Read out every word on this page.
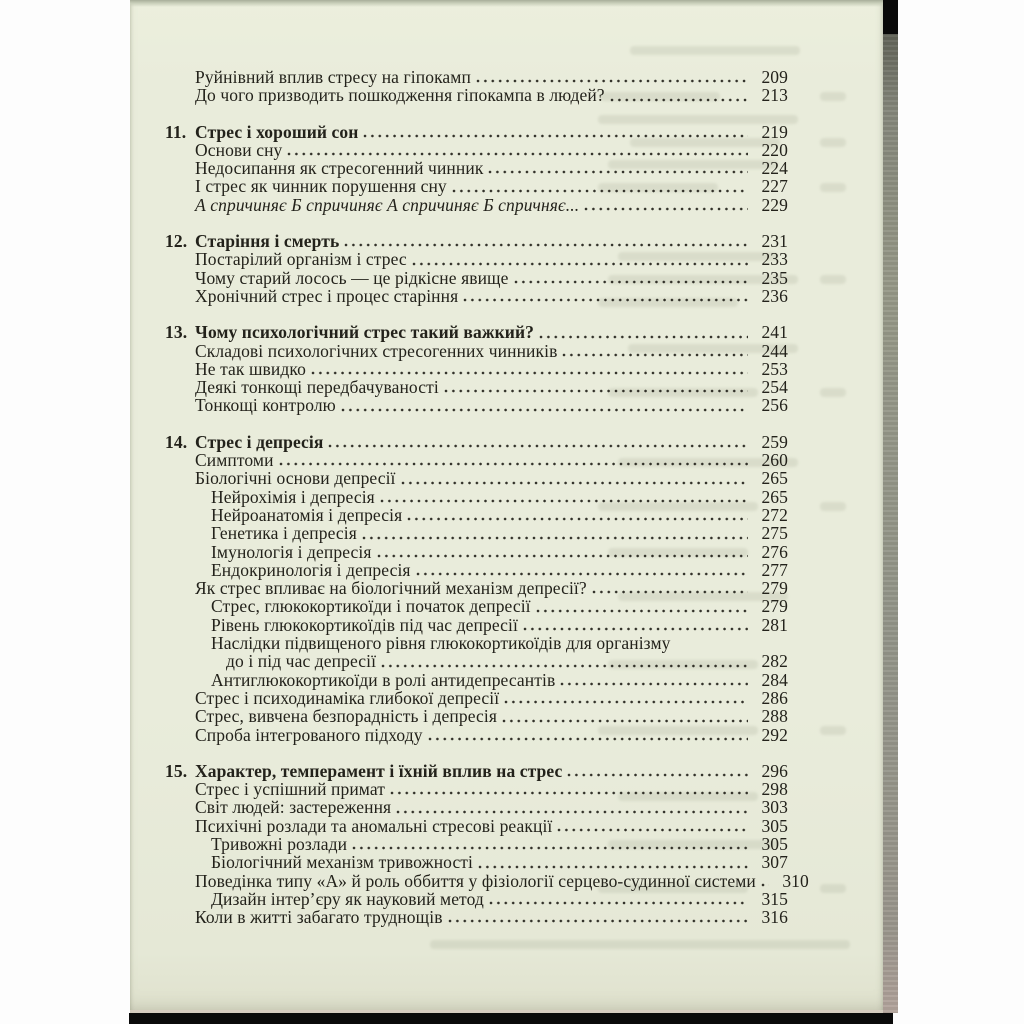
Руйнівний вплив стресу на гіпокамп	209
До чого призводить пошкодження гіпокампа в людей?	213
11. Стрес і хороший сон	219
Основи сну	220
Недосипання як стресогенний чинник	224
І стрес як чинник порушення сну	227
А спричиняє Б спричиняє А спричиняє Б спричняє...	229
12. Старіння і смерть	231
Постарілий організм і стрес	233
Чому старий лосось — це рідкісне явище	235
Хронічний стрес і процес старіння	236
13. Чому психологічний стрес такий важкий?	241
Складові психологічних стресогенних чинників	244
Не так швидко	253
Деякі тонкощі передбачуваності	254
Тонкощі контролю	256
14. Стрес і депресія	259
Симптоми	260
Біологічні основи депресії	265
Нейрохімія і депресія	265
Нейроанатомія і депресія	272
Генетика і депресія	275
Імунологія і депресія	276
Ендокринологія і депресія	277
Як стрес впливає на біологічний механізм депресії?	279
Стрес, глюкокортикоїди і початок депресії	279
Рівень глюкокортикоїдів під час депресії	281
Наслідки підвищеного рівня глюкокортикоїдів для організму
до і під час депресії	282
Антиглюкокортикоїди в ролі антидепресантів	284
Стрес і психодинаміка глибокої депресії	286
Стрес, вивчена безпорадність і депресія	288
Спроба інтегрованого підходу	292
15. Характер, темперамент і їхній вплив на стрес	296
Стрес і успішний примат	298
Світ людей: застереження	303
Психічні розлади та аномальні стресові реакції	305
Тривожні розлади	305
Біологічний механізм тривожності	307
Поведінка типу «А» й роль оббиття у фізіології серцево-судинної системи	310
Дизайн інтер’єру як науковий метод	315
Коли в житті забагато труднощів	316
